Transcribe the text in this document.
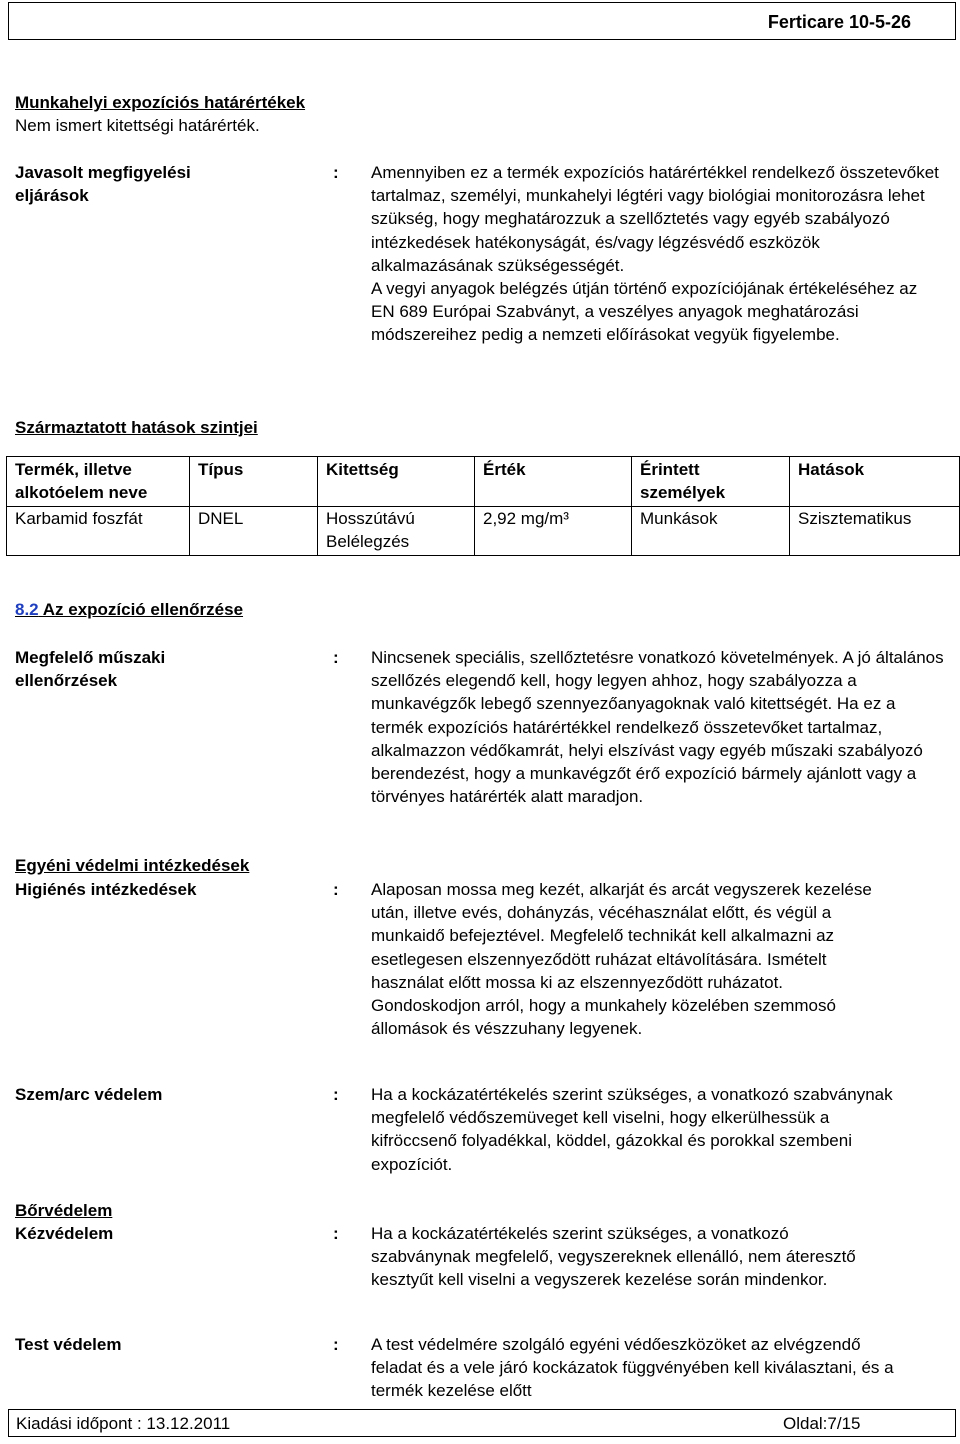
Ferticare 10-5-26
Munkahelyi expozíciós határértékek
Nem ismert kitettségi határérték.
Javasolt megfigyelési
eljárások
: Amennyiben ez a termék expozíciós határértékkel rendelkező összetevőket tartalmaz, személyi, munkahelyi légtéri vagy biológiai monitorozásra lehet szükség, hogy meghatározzuk a szellőztetés vagy egyéb szabályozó intézkedések hatékonyságát, és/vagy légzésvédő eszközök alkalmazásának szükségességét.

A vegyi anyagok belégzés útján történő expozíciójának értékeléséhez az EN 689 Európai Szabványt, a veszélyes anyagok meghatározási módszereihez pedig a nemzeti előírásokat vegyük figyelembe.

Származtatott hatások szintjei
Termék, illetve alkotóelem neve	Típus	Kitettség	Érték	Érintett személyek	Hatások
Karbamid foszfát	DNEL	Hosszútávú Belélegzés	2,92 mg/m³	Munkások	Szisztematikus
8.2 Az expozíció ellenőrzése
Megfelelő műszaki
ellenőrzések
: Nincsenek speciális, szellőztetésre vonatkozó követelmények. A jó általános szellőzés elegendő kell, hogy legyen ahhoz, hogy szabályozza a munkavégzők lebegő szennyezőanyagoknak való kitettségét. Ha ez a termék expozíciós határértékkel rendelkező összetevőket tartalmaz, alkalmazzon védőkamrát, helyi elszívást vagy egyéb műszaki szabályozó berendezést, hogy a munkavégzőt érő expozíció bármely ajánlott vagy a törvényes határérték alatt maradjon.
Egyéni védelmi intézkedések
Higiénés intézkedések	: Alaposan mossa meg kezét, alkarját és arcát vegyszerek kezelése után, illetve evés, dohányzás, vécéhasználat előtt, és végül a munkaidő befejeztével. Megfelelő technikát kell alkalmazni az esetlegesen elszennyeződött ruházat eltávolítására. Ismételt használat előtt mossa ki az elszennyeződött ruházatot. Gondoskodjon arról, hogy a munkahely közelében szemmosó állomások és vészzuhany legyenek.
Szem/arc védelem	: Ha a kockázatértékelés szerint szükséges, a vonatkozó szabványnak megfelelő védőszemüveget kell viselni, hogy elkerülhessük a kifröccsenő folyadékkal, köddel, gázokkal és porokkal szembeni expozíciót.
Bőrvédelem
Kézvédelem	: Ha a kockázatértékelés szerint szükséges, a vonatkozó szabványnak megfelelő, vegyszereknek ellenálló, nem áteresztő kesztyűt kell viselni a vegyszerek kezelése során mindenkor.
Test védelem	: A test védelmére szolgáló egyéni védőeszközöket az elvégzendő feladat és a vele járó kockázatok függvényében kell kiválasztani, és a termék kezelése előtt
Kiadási időpont : 13.12.2011	Oldal:7/15
